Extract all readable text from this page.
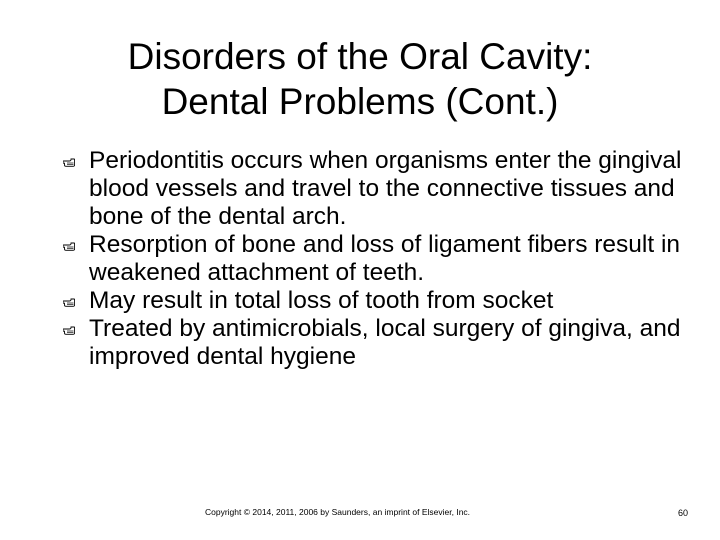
Disorders of the Oral Cavity:
Dental Problems (Cont.)
Periodontitis occurs when organisms enter the gingival blood vessels and travel to the connective tissues and bone of the dental arch.
Resorption of bone and loss of ligament fibers result in weakened attachment of teeth.
May result in total loss of tooth from socket
Treated by antimicrobials, local surgery of gingiva, and improved dental hygiene
Copyright © 2014, 2011, 2006 by Saunders, an imprint of Elsevier, Inc.	60
